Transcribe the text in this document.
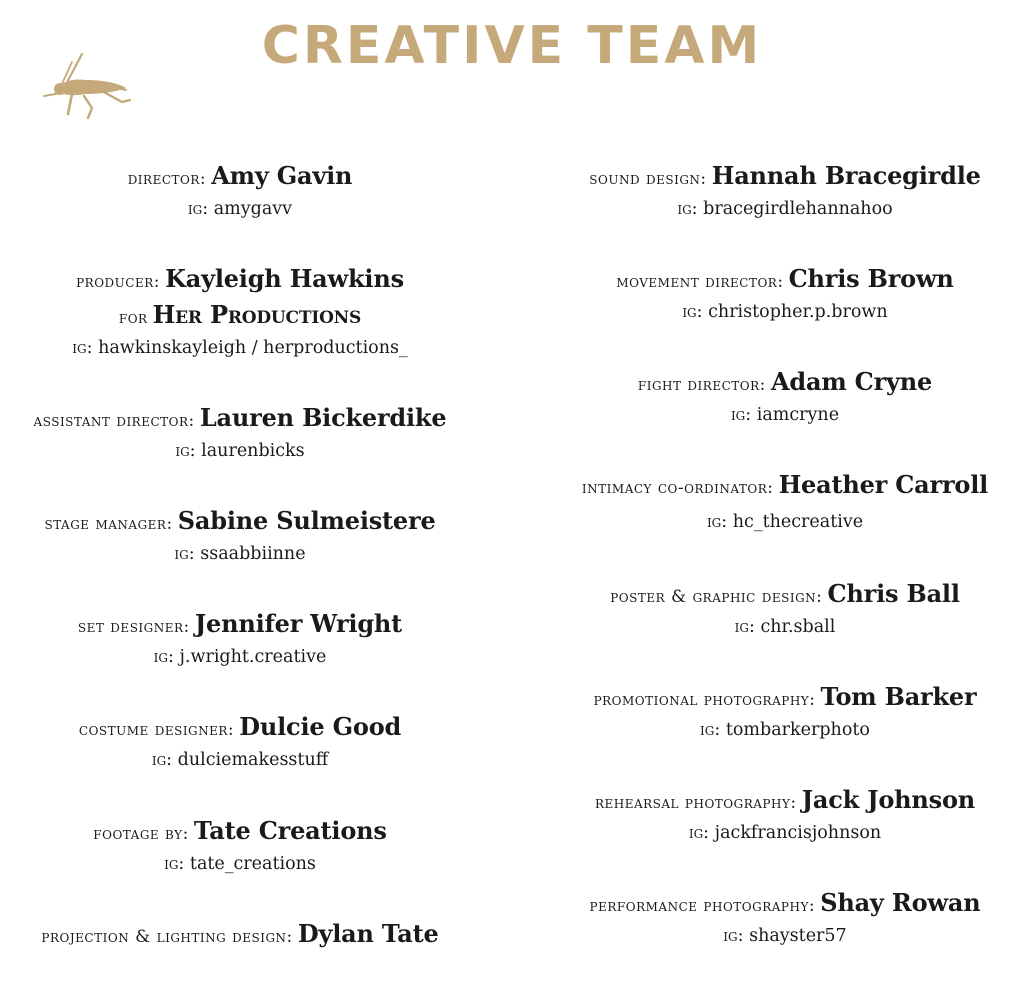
CREATIVE TEAM
director: Amy Gavin
ig: amygavv
producer: Kayleigh Hawkins
for Her Productions
ig: hawkinskayleigh / herproductions_
assistant director: Lauren Bickerdike
ig: laurenbicks
stage manager: Sabine Sulmeistere
ig: ssaabbiinne
set designer: Jennifer Wright
ig: j.wright.creative
costume designer: Dulcie Good
ig: dulciemakesstuff
footage by: Tate Creations
ig: tate_creations
projection & lighting design: Dylan Tate
sound design: Hannah Bracegirdle
ig: bracegirdlehannahoo
movement director: Chris Brown
ig: christopher.p.brown
fight director: Adam Cryne
ig: iamcryne
intimacy co-ordinator: Heather Carroll
ig: hc_thecreative
poster & graphic design: Chris Ball
ig: chr.sball
promotional photography: Tom Barker
ig: tombarkerphoto
rehearsal photography: Jack Johnson
ig: jackfrancisjohnson
performance photography: Shay Rowan
ig: shayster57
